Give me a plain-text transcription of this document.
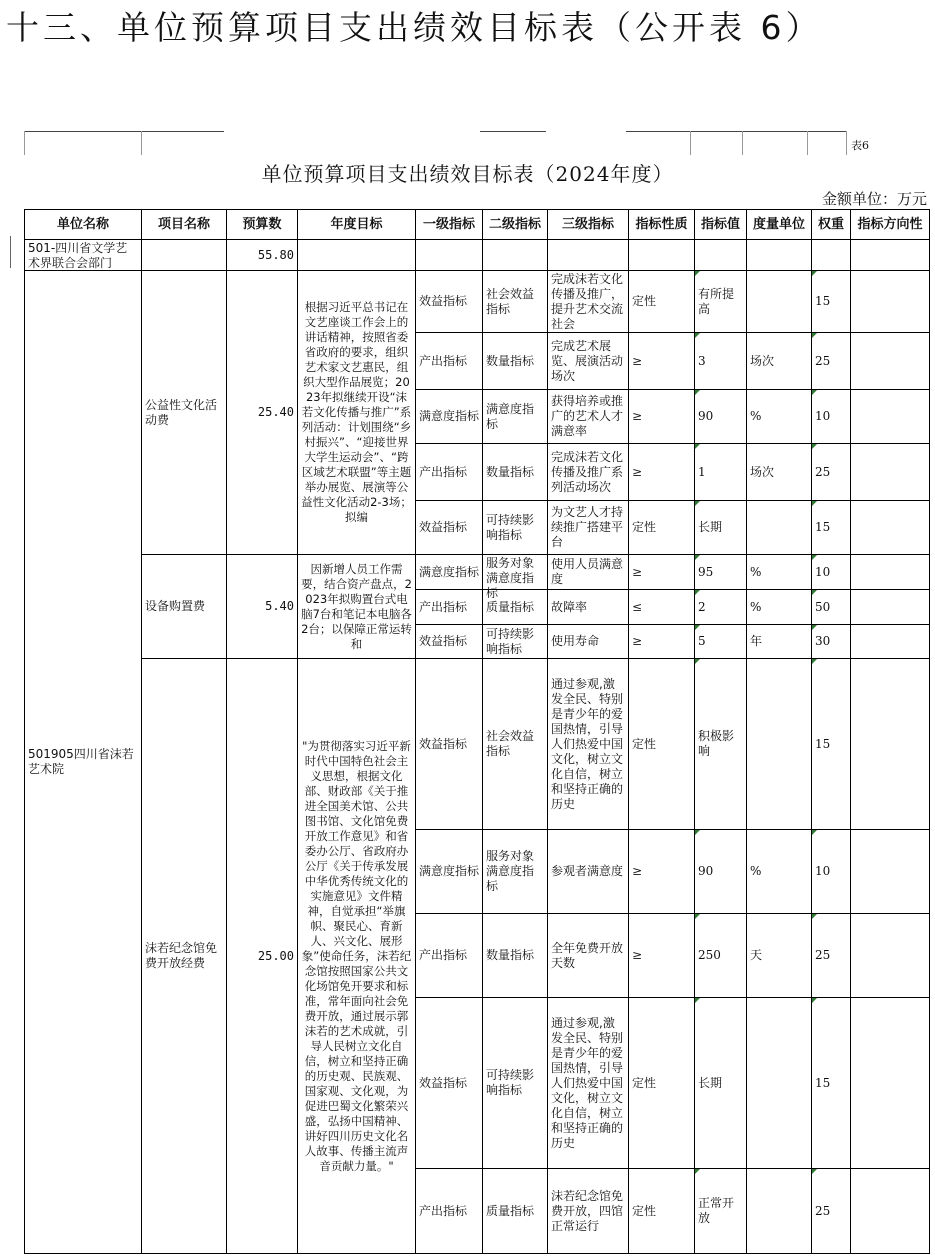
十三、单位预算项目支出绩效目标表（公开表 6）
表6
单位预算项目支出绩效目标表（2024年度）
金额单位：万元
单位名称	项目名称	预算数	年度目标	一级指标	二级指标	三级指标	指标性质	指标值	度量单位	权重	指标方向性

501-四川省文学艺术界联合会部门		55.80									
501905四川省沫若艺术院	公益性文化活动费	25.40	根据习近平总书记在文艺座谈工作会上的讲话精神，按照省委省政府的要求，组织艺术家文艺惠民，组织大型作品展览；2023年拟继续开设“沫若文化传播与推广”系列活动：计划围绕“乡村振兴”、“迎接世界大学生运动会”、“跨区域艺术联盟”等主题举办展览、展演等公益性文化活动2-3场；拟编	效益指标	社会效益指标	完成沫若文化传播及推广，提升艺术交流社会	定性	有所提高		15

				产出指标	数量指标	完成艺术展览、展演活动场次	≥	3	场次	25

				满意度指标	满意度指标	获得培养或推广的艺术人才满意率	≥	90	%	10

				产出指标	数量指标	完成沫若文化传播及推广系列活动场次	≥	1	场次	25

				效益指标	可持续影响指标	为文艺人才持续推广搭建平台	定性	长期		15

	设备购置费	5.40	因新增人员工作需要，结合资产盘点，2023年拟购置台式电脑7台和笔记本电脑各2台；以保障正常运转和	满意度指标	服务对象满意度指标	使用人员满意度	≥	95	%	10

				产出指标	质量指标	故障率	≤	2	%	50

				效益指标	可持续影响指标	使用寿命	≥	5	年	30

	沫若纪念馆免费开放经费	25.00	"为贯彻落实习近平新时代中国特色社会主义思想，根据文化部、财政部《关于推进全国美术馆、公共图书馆、文化馆免费开放工作意见》和省委办公厅、省政府办公厅《关于传承发展中华优秀传统文化的实施意见》文件精神，自觉承担“举旗帜、聚民心、育新人、兴文化、展形象”使命任务，沫若纪念馆按照国家公共文化场馆免开要求和标准，常年面向社会免费开放，通过展示郭沫若的艺术成就，引导人民树立文化自信，树立和坚持正确的历史观、民族观、国家观、文化观，为促进巴蜀文化繁荣兴盛，弘扬中国精神、讲好四川历史文化名人故事、传播主流声音贡献力量。"	效益指标	社会效益指标	通过参观,激发全民、特别是青少年的爱国热情，引导人们热爱中国文化，树立文化自信，树立和坚持正确的历史	定性	积极影响		15

				满意度指标	服务对象满意度指标	参观者满意度	≥	90	%	10

				产出指标	数量指标	全年免费开放天数	≥	250	天	25

				效益指标	可持续影响指标	通过参观,激发全民、特别是青少年的爱国热情，引导人们热爱中国文化，树立文化自信，树立和坚持正确的历史	定性	长期		15

				产出指标	质量指标	沫若纪念馆免费开放，四馆正常运行	定性	正常开放		25
